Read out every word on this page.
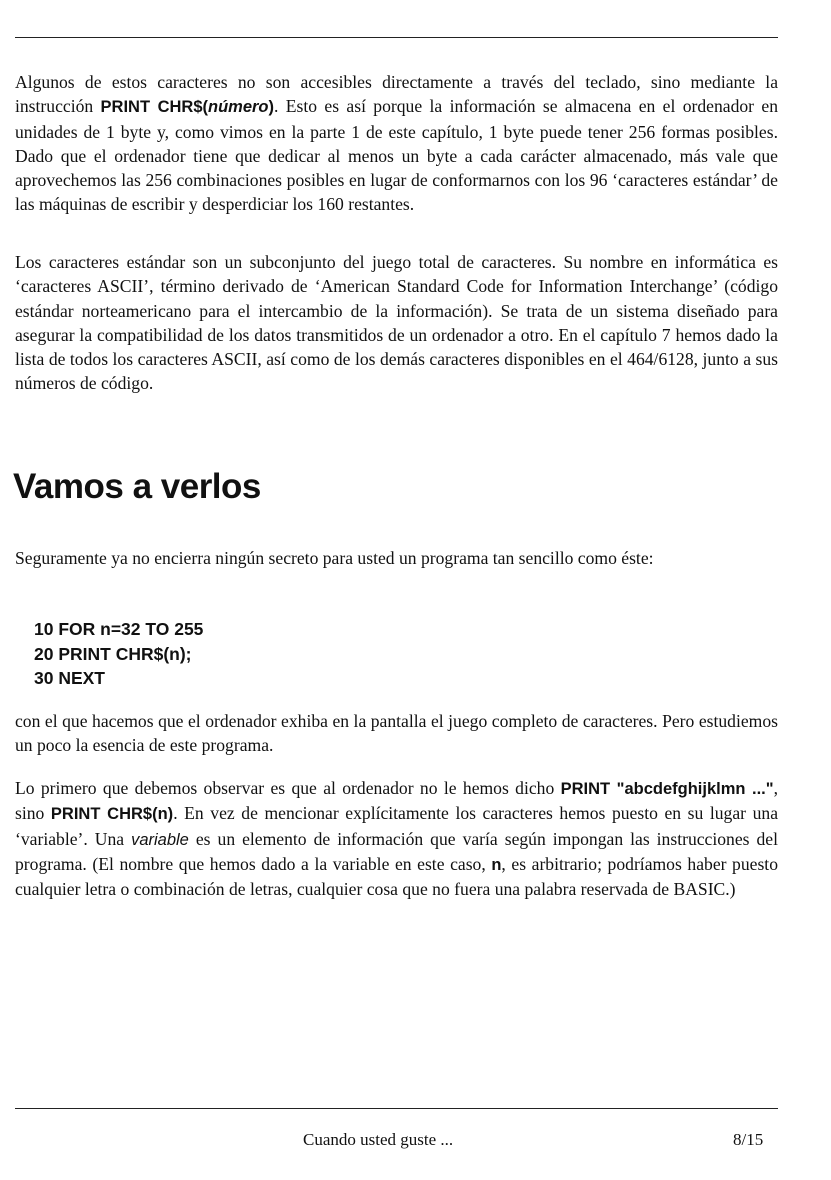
Algunos de estos caracteres no son accesibles directamente a través del teclado, sino mediante la instrucción PRINT CHR$(número). Esto es así porque la información se almacena en el ordenador en unidades de 1 byte y, como vimos en la parte 1 de este capítulo, 1 byte puede tener 256 formas posibles. Dado que el ordenador tiene que dedicar al menos un byte a cada carácter almacenado, más vale que aprovechemos las 256 combinaciones posibles en lugar de conformarnos con los 96 ‘caracteres estándar’ de las máquinas de escribir y desperdiciar los 160 restantes.

Los caracteres estándar son un subconjunto del juego total de caracteres. Su nombre en informática es ‘caracteres ASCII’, término derivado de ‘American Standard Code for Information Interchange’ (código estándar norteamericano para el intercambio de la información). Se trata de un sistema diseñado para asegurar la compatibilidad de los datos transmitidos de un ordenador a otro. En el capítulo 7 hemos dado la lista de todos los caracteres ASCII, así como de los demás caracteres disponibles en el 464/6128, junto a sus números de código.

Vamos a verlos

Seguramente ya no encierra ningún secreto para usted un programa tan sencillo como éste:

10 FOR n=32 TO 255
20 PRINT CHR$(n);
30 NEXT

con el que hacemos que el ordenador exhiba en la pantalla el juego completo de caracteres. Pero estudiemos un poco la esencia de este programa.

Lo primero que debemos observar es que al ordenador no le hemos dicho PRINT "abcdefghijklmn ...", sino PRINT CHR$(n). En vez de mencionar explícitamente los caracteres hemos puesto en su lugar una ‘variable’. Una variable es un elemento de información que varía según impongan las instrucciones del programa. (El nombre que hemos dado a la variable en este caso, n, es arbitrario; podríamos haber puesto cualquier letra o combinación de letras, cualquier cosa que no fuera una palabra reservada de BASIC.)

Cuando usted guste ...	8/15
